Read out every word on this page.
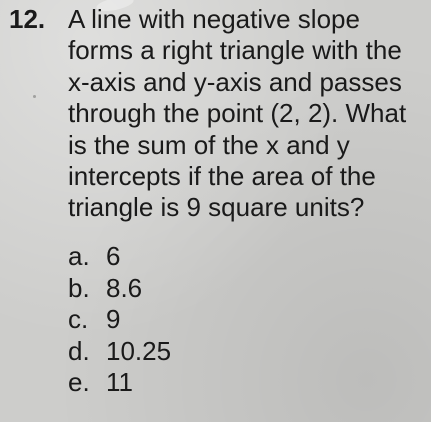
12. A line with negative slope
forms a right triangle with the
x-axis and y-axis and passes
through the point (2, 2). What
is the sum of the x and y
intercepts if the area of the
triangle is 9 square units?
a. 6
b. 8.6
c. 9
d. 10.25
e. 11
